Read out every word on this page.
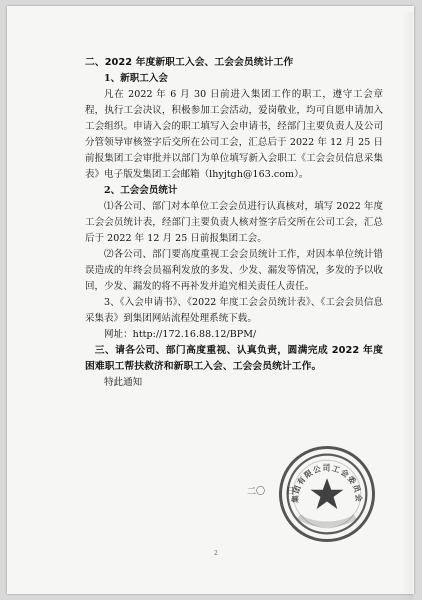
二、2022 年度新职工入会、工会会员统计工作

1、新职工入会

凡在 2022 年 6 月 30 日前进入集团工作的职工，遵守工会章程，执行工会决议，积极参加工会活动，爱岗敬业，均可自愿申请加入工会组织。申请入会的职工填写入会申请书，经部门主要负责人及公司分管领导审核签字后交所在公司工会，汇总后于 2022 年 12 月 25 日前报集团工会审批并以部门为单位填写新入会职工《工会会员信息采集表》电子版发集团工会邮箱（lhyjtgh@163.com）。

2、工会会员统计

⑴各公司、部门对本单位工会会员进行认真核对，填写 2022 年度工会会员统计表，经部门主要负责人核对签字后交所在公司工会，汇总后于 2022 年 12 月 25 日前报集团工会。

⑵各公司、部门要高度重视工会会员统计工作，对因本单位统计错误造成的年终会员福利发放的多发、少发、漏发等情况，多发的予以收回，少发、漏发的将不再补发并追究相关责任人责任。

3、《入会申请书》、《2022 年度工会会员统计表》、《工会会员信息采集表》到集团网站流程处理系统下载。

网址：http://172.16.88.12/BPM/

三、请各公司、部门高度重视、认真负责，圆满完成 2022 年度困难职工帮扶救济和新职工入会、工会会员统计工作。

特此通知

二〇 日
集团有限公司工会委员会
2
